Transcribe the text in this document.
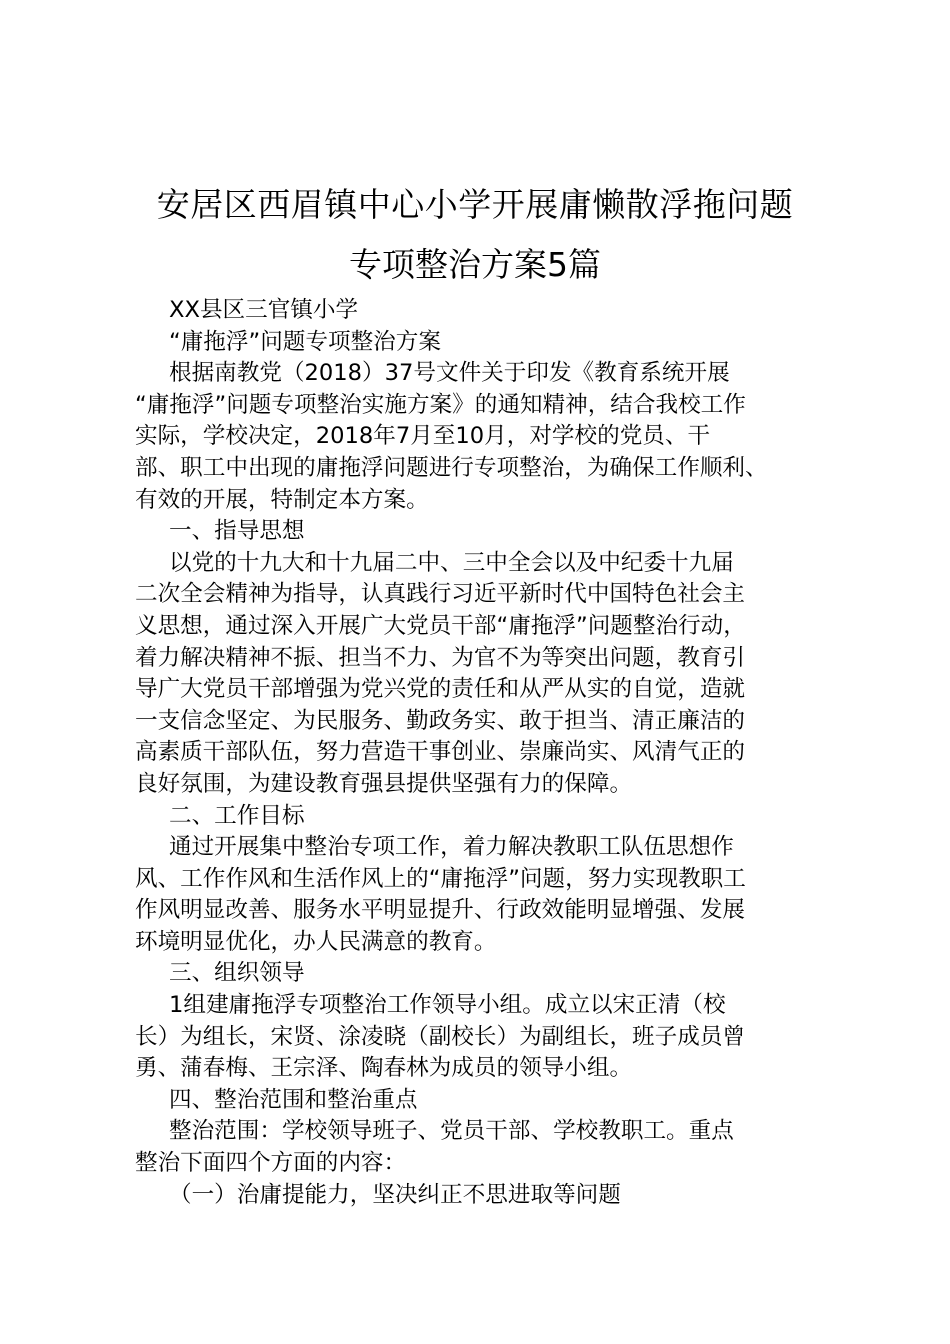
安居区西眉镇中心小学开展庸懒散浮拖问题
专项整治方案5篇
XX县区三官镇小学
“庸拖浮”问题专项整治方案
根据南教党（2018）37号文件关于印发《教育系统开展
“庸拖浮”问题专项整治实施方案》的通知精神，结合我校工作
实际，学校决定，2018年7月至10月，对学校的党员、干
部、职工中出现的庸拖浮问题进行专项整治，为确保工作顺利、
有效的开展，特制定本方案。
一、指导思想
以党的十九大和十九届二中、三中全会以及中纪委十九届
二次全会精神为指导，认真践行习近平新时代中国特色社会主
义思想，通过深入开展广大党员干部“庸拖浮”问题整治行动，
着力解决精神不振、担当不力、为官不为等突出问题，教育引
导广大党员干部增强为党兴党的责任和从严从实的自觉，造就
一支信念坚定、为民服务、勤政务实、敢于担当、清正廉洁的
高素质干部队伍，努力营造干事创业、崇廉尚实、风清气正的
良好氛围，为建设教育强县提供坚强有力的保障。
二、工作目标
通过开展集中整治专项工作，着力解决教职工队伍思想作
风、工作作风和生活作风上的“庸拖浮”问题，努力实现教职工
作风明显改善、服务水平明显提升、行政效能明显增强、发展
环境明显优化，办人民满意的教育。
三、组织领导
1组建庸拖浮专项整治工作领导小组。成立以宋正清（校
长）为组长，宋贤、涂凌晓（副校长）为副组长，班子成员曾
勇、蒲春梅、王宗泽、陶春林为成员的领导小组。
四、整治范围和整治重点
整治范围：学校领导班子、党员干部、学校教职工。重点
整治下面四个方面的内容：
（一）治庸提能力，坚决纠正不思进取等问题
